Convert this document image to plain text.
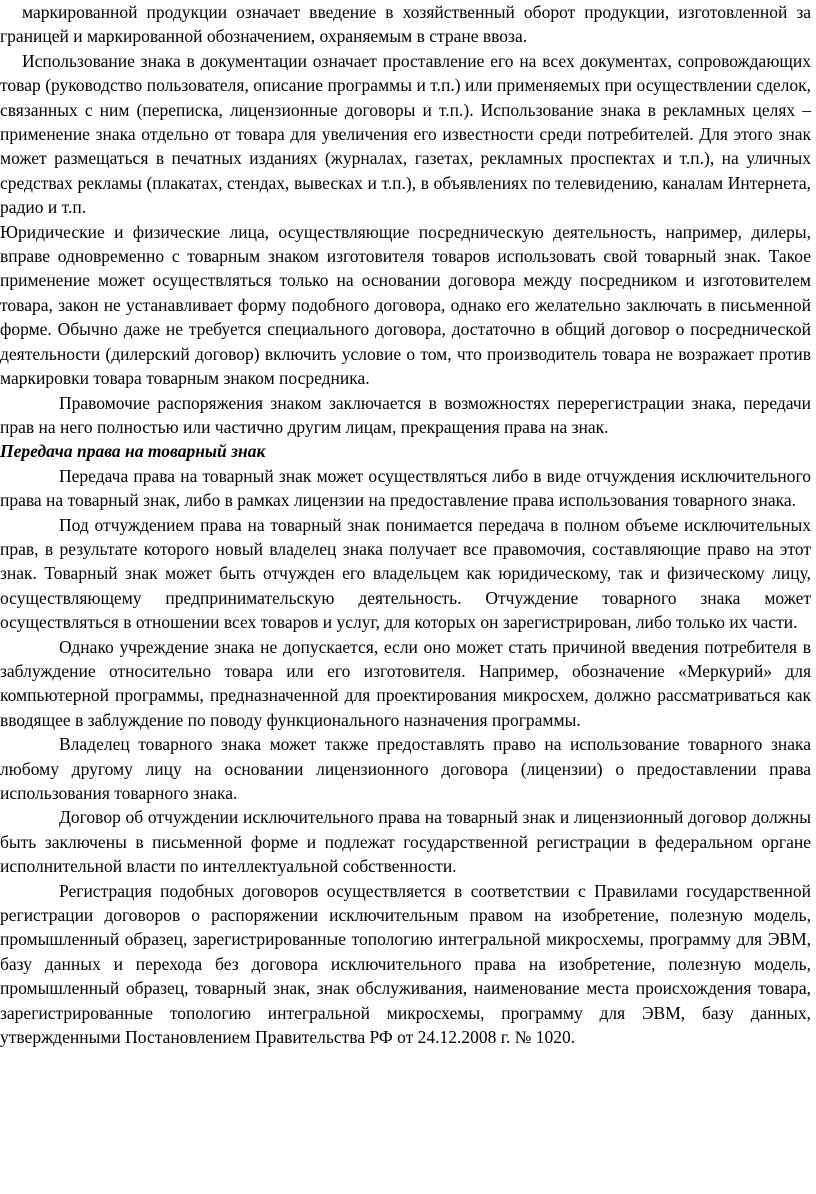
маркированной продукции означает введение в хозяйственный оборот продукции, изготовленной за границей и маркированной обозначением, охраняемым в стране ввоза.

Использование знака в документации означает проставление его на всех документах, сопровождающих товар (руководство пользователя, описание программы и т.п.) или применяемых при осуществлении сделок, связанных с ним (переписка, лицензионные договоры и т.п.). Использование знака в рекламных целях – применение знака отдельно от товара для увеличения его известности среди потребителей. Для этого знак может размещаться в печатных изданиях (журналах, газетах, рекламных проспектах и т.п.), на уличных средствах рекламы (плакатах, стендах, вывесках и т.п.), в объявлениях по телевидению, каналам Интернета, радио и т.п.

Юридические и физические лица, осуществляющие посредническую деятельность, например, дилеры, вправе одновременно с товарным знаком изготовителя товаров использовать свой товарный знак. Такое применение может осуществляться только на основании договора между посредником и изготовителем товара, закон не устанавливает форму подобного договора, однако его желательно заключать в письменной форме. Обычно даже не требуется специального договора, достаточно в общий договор о посреднической деятельности (дилерский договор) включить условие о том, что производитель товара не возражает против маркировки товара товарным знаком посредника.

Правомочие распоряжения знаком заключается в возможностях перерегистрации знака, передачи прав на него полностью или частично другим лицам, прекращения права на знак.

Передача права на товарный знак

Передача права на товарный знак может осуществляться либо в виде отчуждения исключительного права на товарный знак, либо в рамках лицензии на предоставление права использования товарного знака.

Под отчуждением права на товарный знак понимается передача в полном объеме исключительных прав, в результате которого новый владелец знака получает все правомочия, составляющие право на этот знак. Товарный знак может быть отчужден его владельцем как юридическому, так и физическому лицу, осуществляющему предпринимательскую деятельность. Отчуждение товарного знака может осуществляться в отношении всех товаров и услуг, для которых он зарегистрирован, либо только их части.

Однако учреждение знака не допускается, если оно может стать причиной введения потребителя в заблуждение относительно товара или его изготовителя. Например, обозначение «Меркурий» для компьютерной программы, предназначенной для проектирования микросхем, должно рассматриваться как вводящее в заблуждение по поводу функционального назначения программы.

Владелец товарного знака может также предоставлять право на использование товарного знака любому другому лицу на основании лицензионного договора (лицензии) о предоставлении права использования товарного знака.

Договор об отчуждении исключительного права на товарный знак и лицензионный договор должны быть заключены в письменной форме и подлежат государственной регистрации в федеральном органе исполнительной власти по интеллектуальной собственности.

Регистрация подобных договоров осуществляется в соответствии с Правилами государственной регистрации договоров о распоряжении исключительным правом на изобретение, полезную модель, промышленный образец, зарегистрированные топологию интегральной микросхемы, программу для ЭВМ, базу данных и перехода без договора исключительного права на изобретение, полезную модель, промышленный образец, товарный знак, знак обслуживания, наименование места происхождения товара, зарегистрированные топологию интегральной микросхемы, программу для ЭВМ, базу данных, утвержденными Постановлением Правительства РФ от 24.12.2008 г. № 1020.
